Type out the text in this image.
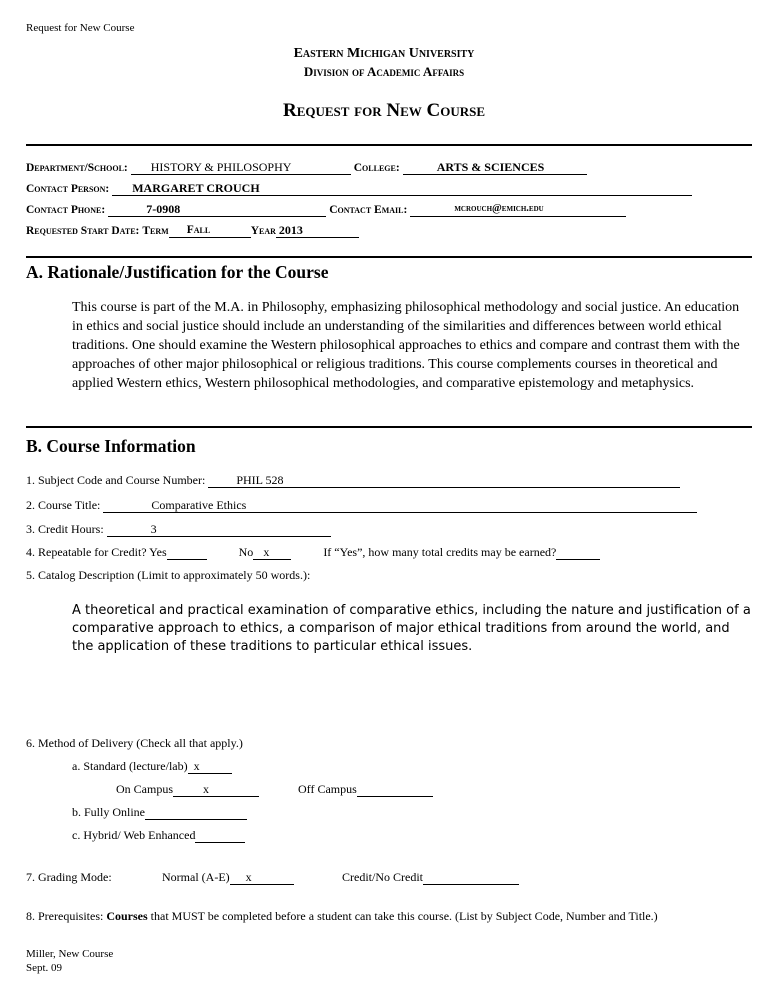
Request for New Course
Eastern Michigan University
Division of Academic Affairs
Request for New Course
Department/School: HISTORY & PHILOSOPHY	College:	ARTS & SCIENCES
Contact Person: MARGARET CROUCH
Contact Phone:	7-0908	Contact Email:	mcrouch@emich.edu
Requested Start Date: Term Fall	Year 2013
A. Rationale/Justification for the Course
This course is part of the M.A. in Philosophy, emphasizing philosophical methodology and social justice. An education in ethics and social justice should include an understanding of the similarities and differences between world ethical traditions. One should examine the Western philosophical approaches to ethics and compare and contrast them with the approaches of other major philosophical or religious traditions. This course complements courses in theoretical and applied Western ethics, Western philosophical methodologies, and comparative epistemology and metaphysics.
B. Course Information
1. Subject Code and Course Number:	PHIL 528
2. Course Title:	Comparative Ethics
3. Credit Hours:	3
4. Repeatable for Credit? Yes	No x	If “Yes”, how many total credits may be earned?
5. Catalog Description (Limit to approximately 50 words.):
A theoretical and practical examination of comparative ethics, including the nature and justification of a comparative approach to ethics, a comparison of major ethical traditions from around the world, and the application of these traditions to particular ethical issues.
6. Method of Delivery (Check all that apply.)
a. Standard (lecture/lab) x
On Campus	x	Off Campus
b. Fully Online
c. Hybrid/ Web Enhanced
7. Grading Mode:	Normal (A-E) x	Credit/No Credit
8. Prerequisites: Courses that MUST be completed before a student can take this course. (List by Subject Code, Number and Title.)
Miller, New Course
Sept. 09
